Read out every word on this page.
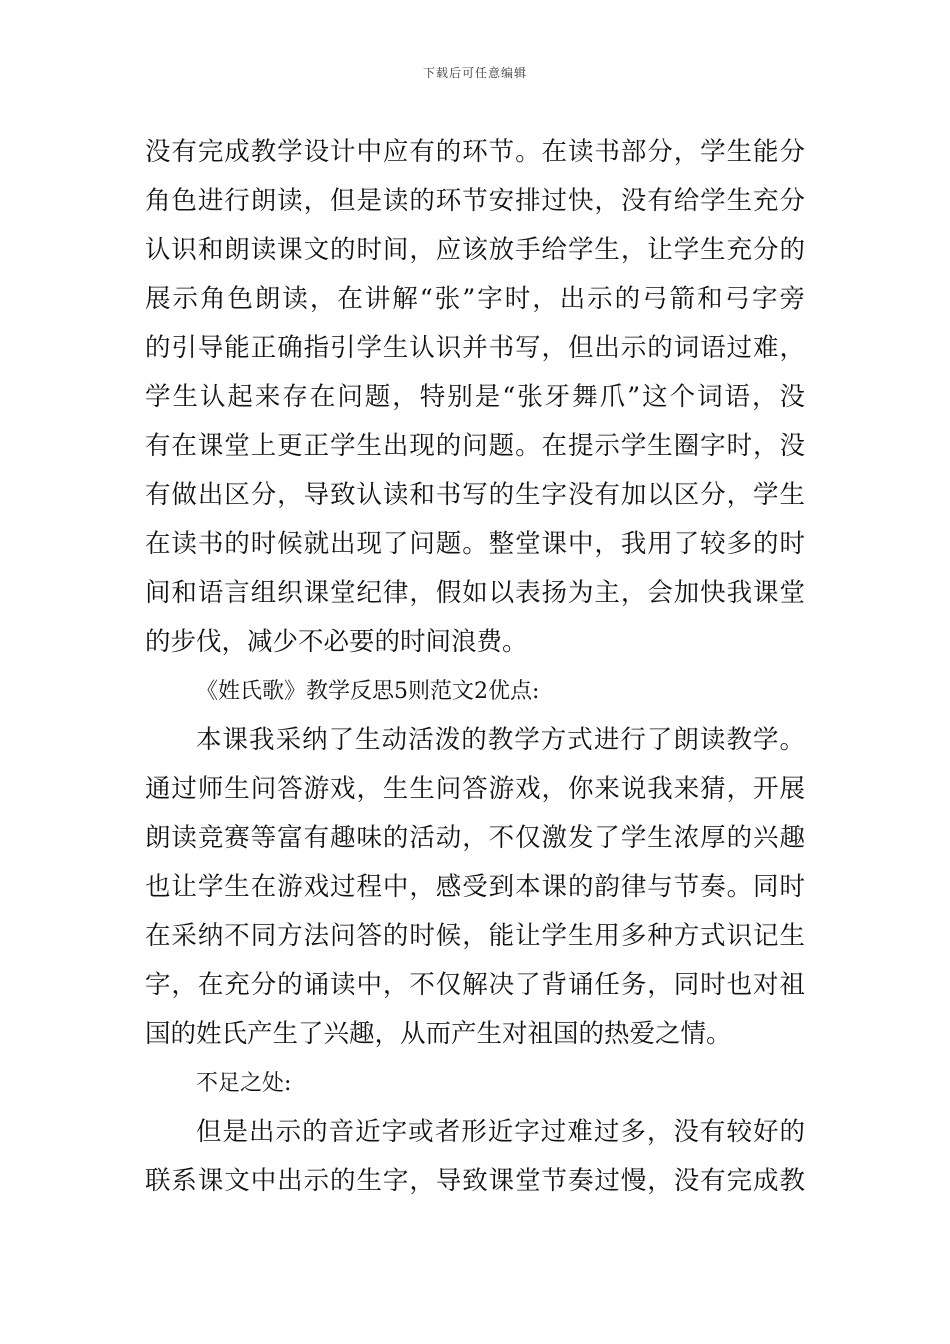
下载后可任意编辑
没有完成教学设计中应有的环节。在读书部分，学生能分
角色进行朗读，但是读的环节安排过快，没有给学生充分
认识和朗读课文的时间，应该放手给学生，让学生充分的
展示角色朗读，在讲解“张”字时，出示的弓箭和弓字旁
的引导能正确指引学生认识并书写，但出示的词语过难，
学生认起来存在问题，特别是“张牙舞爪”这个词语，没
有在课堂上更正学生出现的问题。在提示学生圈字时，没
有做出区分，导致认读和书写的生字没有加以区分，学生
在读书的时候就出现了问题。整堂课中，我用了较多的时
间和语言组织课堂纪律，假如以表扬为主，会加快我课堂
的步伐，减少不必要的时间浪费。
《姓氏歌》教学反思5则范文2优点:
本课我采纳了生动活泼的教学方式进行了朗读教学。
通过师生问答游戏，生生问答游戏，你来说我来猜，开展
朗读竞赛等富有趣味的活动，不仅激发了学生浓厚的兴趣
也让学生在游戏过程中，感受到本课的韵律与节奏。同时
在采纳不同方法问答的时候，能让学生用多种方式识记生
字，在充分的诵读中，不仅解决了背诵任务，同时也对祖
国的姓氏产生了兴趣，从而产生对祖国的热爱之情。
不足之处:
但是出示的音近字或者形近字过难过多，没有较好的
联系课文中出示的生字，导致课堂节奏过慢，没有完成教
